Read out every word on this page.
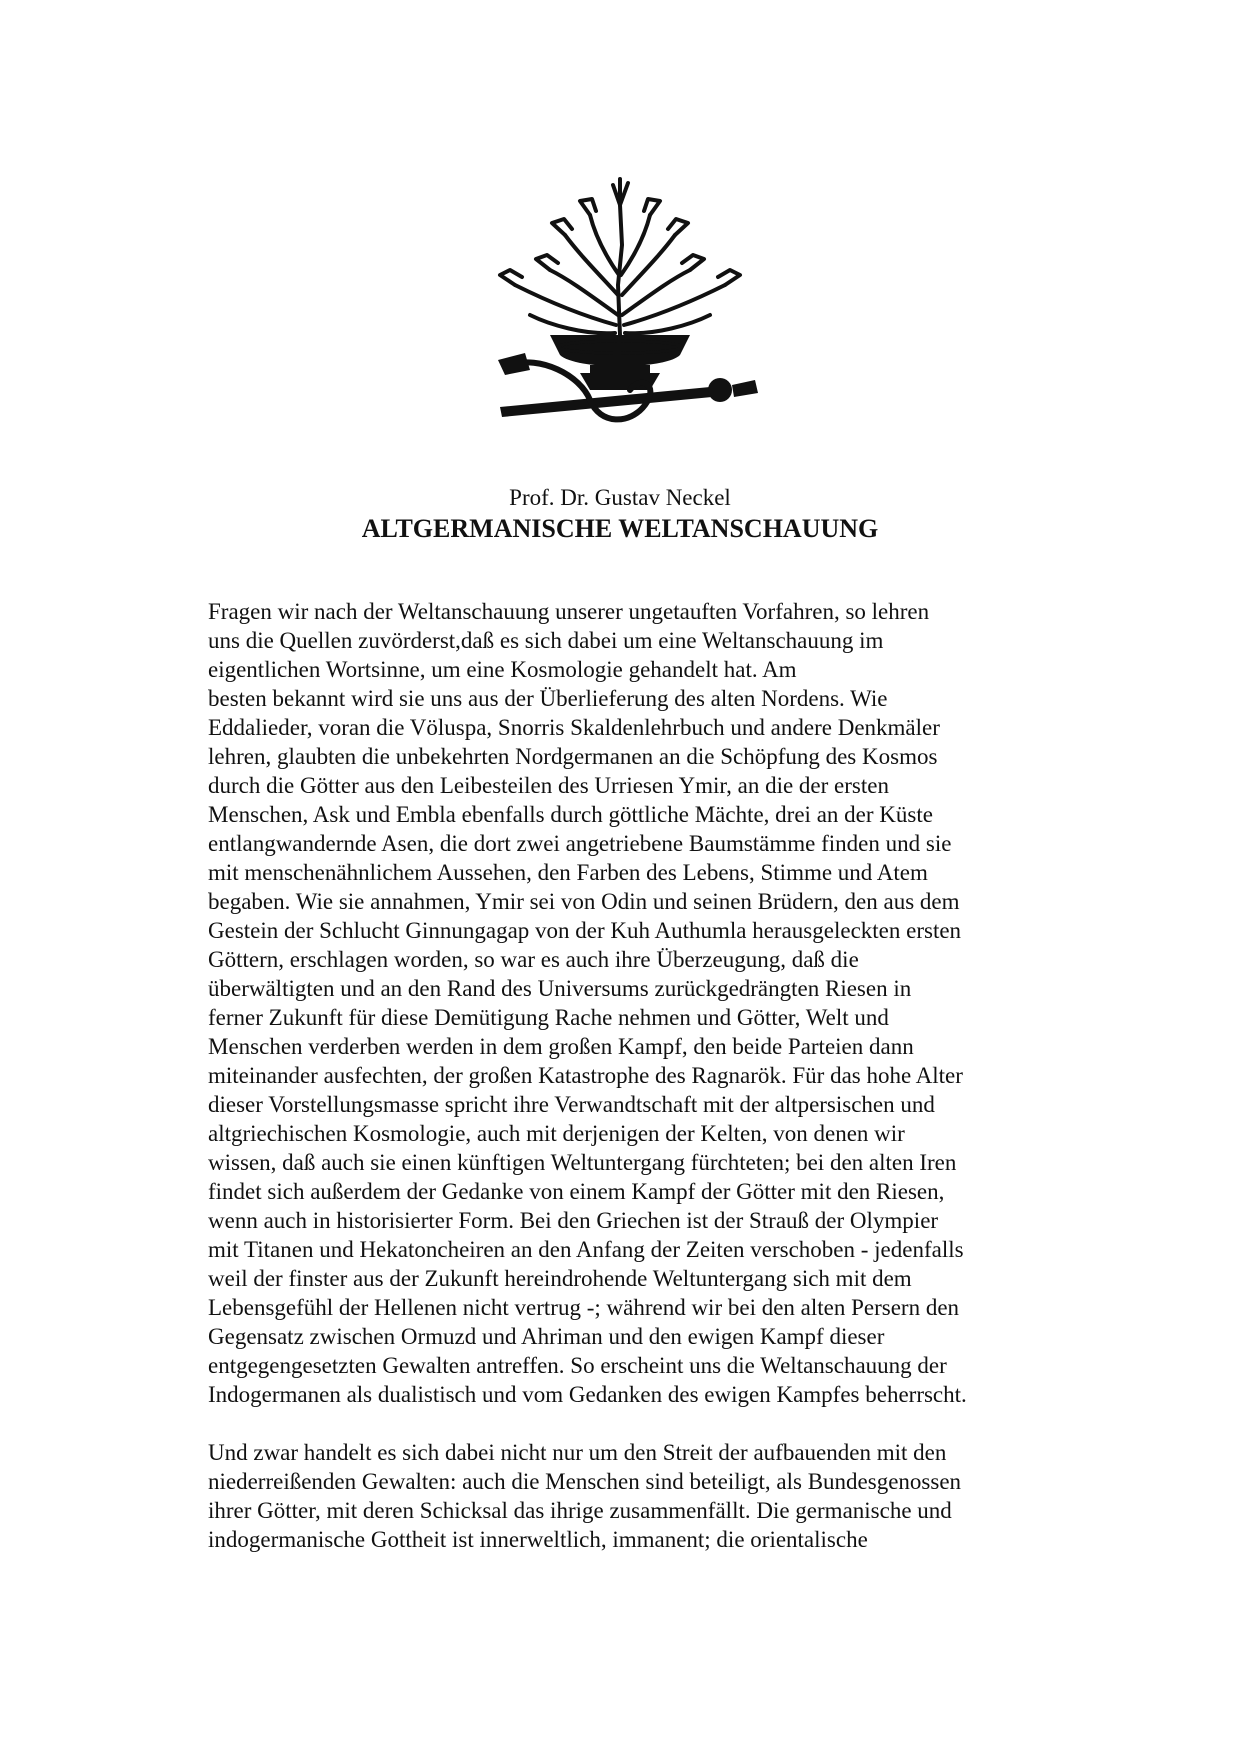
Prof. Dr. Gustav Neckel
ALTGERMANISCHE WELTANSCHAUUNG
Fragen wir nach der Weltanschauung unserer ungetauften Vorfahren, so lehren
uns die Quellen zuvörderst,daß es sich dabei um eine Weltanschauung im
eigentlichen Wortsinne, um eine Kosmologie gehandelt hat. Am
besten bekannt wird sie uns aus der Überlieferung des alten Nordens. Wie
Eddalieder, voran die Völuspa, Snorris Skaldenlehrbuch und andere Denkmäler
lehren, glaubten die unbekehrten Nordgermanen an die Schöpfung des Kosmos
durch die Götter aus den Leibesteilen des Urriesen Ymir, an die der ersten
Menschen, Ask und Embla ebenfalls durch göttliche Mächte, drei an der Küste
entlangwandernde Asen, die dort zwei angetriebene Baumstämme finden und sie
mit menschenähnlichem Aussehen, den Farben des Lebens, Stimme und Atem
begaben. Wie sie annahmen, Ymir sei von Odin und seinen Brüdern, den aus dem
Gestein der Schlucht Ginnungagap von der Kuh Authumla herausgeleckten ersten
Göttern, erschlagen worden, so war es auch ihre Überzeugung, daß die
überwältigten und an den Rand des Universums zurückgedrängten Riesen in
ferner Zukunft für diese Demütigung Rache nehmen und Götter, Welt und
Menschen verderben werden in dem großen Kampf, den beide Parteien dann
miteinander ausfechten, der großen Katastrophe des Ragnarök. Für das hohe Alter
dieser Vorstellungsmasse spricht ihre Verwandtschaft mit der altpersischen und
altgriechischen Kosmologie, auch mit derjenigen der Kelten, von denen wir
wissen, daß auch sie einen künftigen Weltuntergang fürchteten; bei den alten Iren
findet sich außerdem der Gedanke von einem Kampf der Götter mit den Riesen,
wenn auch in historisierter Form. Bei den Griechen ist der Strauß der Olympier
mit Titanen und Hekatoncheiren an den Anfang der Zeiten verschoben - jedenfalls
weil der finster aus der Zukunft hereindrohende Weltuntergang sich mit dem
Lebensgefühl der Hellenen nicht vertrug -; während wir bei den alten Persern den
Gegensatz zwischen Ormuzd und Ahriman und den ewigen Kampf dieser
entgegengesetzten Gewalten antreffen. So erscheint uns die Weltanschauung der
Indogermanen als dualistisch und vom Gedanken des ewigen Kampfes beherrscht.
Und zwar handelt es sich dabei nicht nur um den Streit der aufbauenden mit den
niederreißenden Gewalten: auch die Menschen sind beteiligt, als Bundesgenossen
ihrer Götter, mit deren Schicksal das ihrige zusammenfällt. Die germanische und
indogermanische Gottheit ist innerweltlich, immanent; die orientalische
